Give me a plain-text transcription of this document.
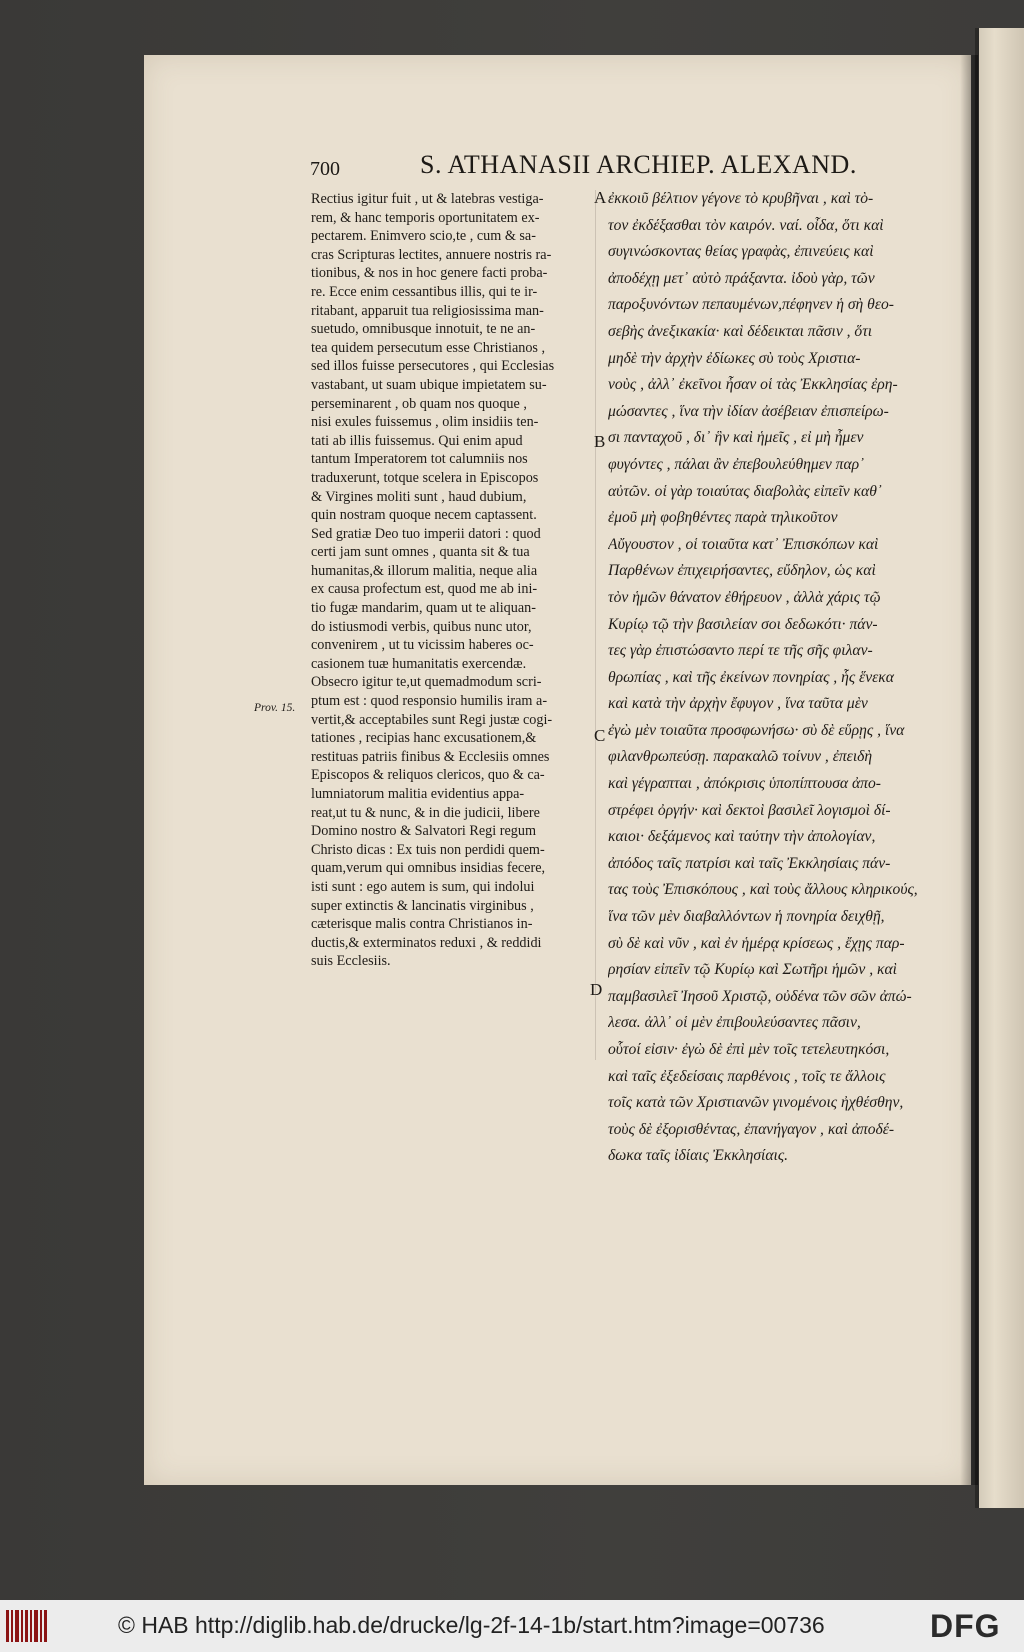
700	S. ATHANASII ARCHIEP. ALEXAND.
Rectius igitur fuit , ut & latebras vestiga-
rem, & hanc temporis oportunitatem ex-
pectarem. Enimvero scio,te , cum & sa-
cras Scripturas lectites, annuere nostris ra-
tionibus, & nos in hoc genere facti proba-
re. Ecce enim cessantibus illis, qui te ir-
ritabant, apparuit tua religiosissima man-
suetudo, omnibusque innotuit, te ne an-
tea quidem persecutum esse Christianos ,
sed illos fuisse persecutores , qui Ecclesias
vastabant, ut suam ubique impietatem su-
perseminarent , ob quam nos quoque ,
nisi exules fuissemus , olim insidiis ten-
tati ab illis fuissemus. Qui enim apud
tantum Imperatorem tot calumniis nos
traduxerunt, totque scelera in Episcopos
& Virgines moliti sunt , haud dubium,
quin nostram quoque necem captassent.
Sed gratiæ Deo tuo imperii datori : quod
certi jam sunt omnes , quanta sit & tua
humanitas,& illorum malitia, neque alia
ex causa profectum est, quod me ab ini-
tio fugæ mandarim, quam ut te aliquan-
do istiusmodi verbis, quibus nunc utor,
convenirem , ut tu vicissim haberes oc-
casionem tuæ humanitatis exercendæ.
Obsecro igitur te,ut quemadmodum scri-
ptum est : quod responsio humilis iram a-
vertit,& acceptabiles sunt Regi justæ cogi-
tationes , recipias hanc excusationem,&
restituas patriis finibus & Ecclesiis omnes
Episcopos & reliquos clericos, quo & ca-
lumniatorum malitia evidentius appa-
reat,ut tu & nunc, & in die judicii, libere
Domino nostro & Salvatori Regi regum
Christo dicas : Ex tuis non perdidi quem-
quam,verum qui omnibus insidias fecere,
isti sunt : ego autem is sum, qui indolui
super extinctis & lancinatis virginibus ,
cæterisque malis contra Christianos in-
ductis,& exterminatos reduxi , & reddidi
suis Ecclesiis.
ἐκκοιῦ βέλτιον γέγονε τὸ κρυβῆναι , καὶ τὸ-
τον ἐκδέξασθαι τὸν καιρόν. ναί. οἶδα, ὅτι καὶ
συγινώσκοντας θείας γραφὰς, ἐπινεύεις καὶ
ἀποδέχῃ μετ᾿ αὐτὸ πράξαντα. ἰδοὺ γὰρ, τῶν
παροξυνόντων πεπαυμένων,πέφηνεν ἡ σὴ θεο-
σεβὴς ἀνεξικακία· καὶ δέδεικται πᾶσιν , ὅτι
μηδὲ τὴν ἀρχὴν ἐδίωκες σὺ τοὺς Χριστια-
νοὺς , ἀλλ᾿ ἐκεῖνοι ἦσαν οἱ τὰς Ἐκκλησίας ἐρη-
μώσαντες , ἵνα τὴν ἰδίαν ἀσέβειαν ἐπισπείρω-
σι πανταχοῦ , δι᾿ ἣν καὶ ἡμεῖς , εἰ μὴ ἦμεν
φυγόντες , πάλαι ἂν ἐπεβουλεύθημεν παρ᾿
αὐτῶν. οἱ γὰρ τοιαύτας διαβολὰς εἰπεῖν καθ᾿
ἐμοῦ μὴ φοβηθέντες παρὰ τηλικοῦτον
Αὔγουστον , οἱ τοιαῦτα κατ᾿ Ἐπισκόπων καὶ
Παρθένων ἐπιχειρήσαντες, εὔδηλον, ὡς καὶ
τὸν ἡμῶν θάνατον ἐθήρευον , ἀλλὰ χάρις τῷ
Κυρίῳ τῷ τὴν βασιλείαν σοι δεδωκότι· πάν-
τες γὰρ ἐπιστώσαντο περί τε τῆς σῆς φιλαν-
θρωπίας , καὶ τῆς ἐκείνων πονηρίας , ἧς ἕνεκα
καὶ κατὰ τὴν ἀρχὴν ἔφυγον , ἵνα ταῦτα μὲν
ἐγὼ μὲν τοιαῦτα προσφωνήσω· σὺ δὲ εὕρῃς , ἵνα
φιλανθρωπεύσῃ. παρακαλῶ τοίνυν , ἐπειδὴ
καὶ γέγραπται , ἀπόκρισις ὑποπίπτουσα ἀπο-
στρέφει ὀργήν· καὶ δεκτοὶ βασιλεῖ λογισμοὶ δί-
καιοι· δεξάμενος καὶ ταύτην τὴν ἀπολογίαν,
ἀπόδος ταῖς πατρίσι καὶ ταῖς Ἐκκλησίαις πάν-
τας τοὺς Ἐπισκόπους , καὶ τοὺς ἄλλους κληρικούς,
ἵνα τῶν μὲν διαβαλλόντων ἡ πονηρία δειχθῇ,
σὺ δὲ καὶ νῦν , καὶ ἐν ἡμέρᾳ κρίσεως , ἔχῃς παρ-
ρησίαν εἰπεῖν τῷ Κυρίῳ καὶ Σωτῆρι ἡμῶν , καὶ
παμβασιλεῖ Ἰησοῦ Χριστῷ, οὐδένα τῶν σῶν ἀπώ-
λεσα. ἀλλ᾿ οἱ μὲν ἐπιβουλεύσαντες πᾶσιν,
οὗτοί εἰσιν· ἐγὼ δὲ ἐπὶ μὲν τοῖς τετελευτηκόσι,
καὶ ταῖς ἐξεδείσαις παρθένοις , τοῖς τε ἄλλοις
τοῖς κατὰ τῶν Χριστιανῶν γινομένοις ἠχθέσθην,
τοὺς δὲ ἐξορισθέντας, ἐπανήγαγον , καὶ ἀποδέ-
δωκα ταῖς ἰδίαις Ἐκκλησίαις.
A
B
C
D
Prov. 15.
© HAB http://diglib.hab.de/drucke/lg-2f-14-1b/start.htm?image=00736	DFG
